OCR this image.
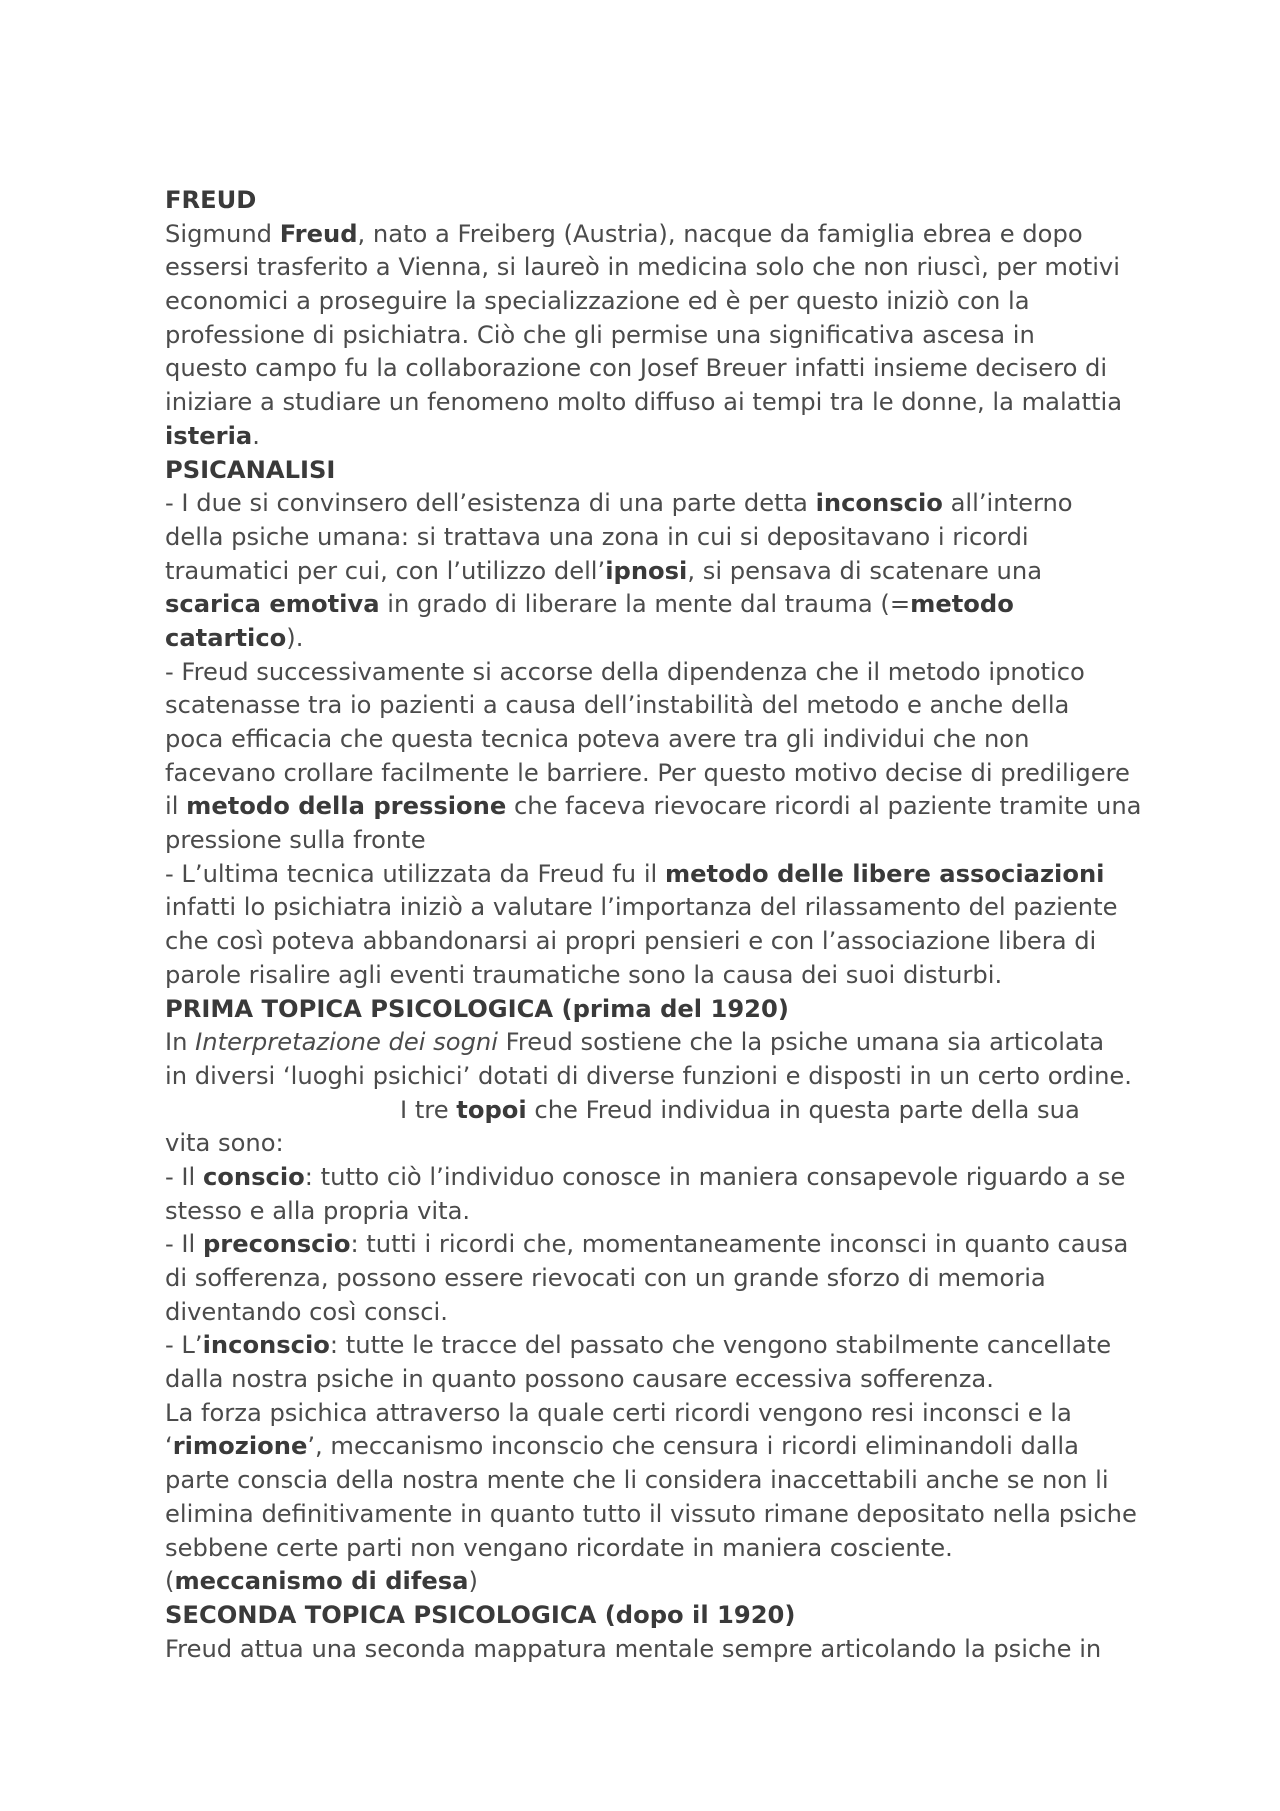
FREUD
Sigmund Freud, nato a Freiberg (Austria), nacque da famiglia ebrea e dopo
essersi trasferito a Vienna, si laureò in medicina solo che non riuscì, per motivi
economici a proseguire la specializzazione ed è per questo iniziò con la
professione di psichiatra. Ciò che gli permise una significativa ascesa in
questo campo fu la collaborazione con Josef Breuer infatti insieme decisero di
iniziare a studiare un fenomeno molto diffuso ai tempi tra le donne, la malattia
isteria.
PSICANALISI
- I due si convinsero dell’esistenza di una parte detta inconscio all’interno
della psiche umana: si trattava una zona in cui si depositavano i ricordi
traumatici per cui, con l’utilizzo dell’ipnosi, si pensava di scatenare una
scarica emotiva in grado di liberare la mente dal trauma (=metodo
catartico).
- Freud successivamente si accorse della dipendenza che il metodo ipnotico
scatenasse tra io pazienti a causa dell’instabilità del metodo e anche della
poca efficacia che questa tecnica poteva avere tra gli individui che non
facevano crollare facilmente le barriere. Per questo motivo decise di prediligere
il metodo della pressione che faceva rievocare ricordi al paziente tramite una
pressione sulla fronte
- L’ultima tecnica utilizzata da Freud fu il metodo delle libere associazioni
infatti lo psichiatra iniziò a valutare l’importanza del rilassamento del paziente
che così poteva abbandonarsi ai propri pensieri e con l’associazione libera di
parole risalire agli eventi traumatiche sono la causa dei suoi disturbi.
PRIMA TOPICA PSICOLOGICA (prima del 1920)
In Interpretazione dei sogni Freud sostiene che la psiche umana sia articolata
in diversi ‘luoghi psichici’ dotati di diverse funzioni e disposti in un certo ordine.
I tre topoi che Freud individua in questa parte della sua
vita sono:
- Il conscio: tutto ciò l’individuo conosce in maniera consapevole riguardo a se
stesso e alla propria vita.
- Il preconscio: tutti i ricordi che, momentaneamente inconsci in quanto causa
di sofferenza, possono essere rievocati con un grande sforzo di memoria
diventando così consci.
- L’inconscio: tutte le tracce del passato che vengono stabilmente cancellate
dalla nostra psiche in quanto possono causare eccessiva sofferenza.
La forza psichica attraverso la quale certi ricordi vengono resi inconsci e la
‘rimozione’, meccanismo inconscio che censura i ricordi eliminandoli dalla
parte conscia della nostra mente che li considera inaccettabili anche se non li
elimina definitivamente in quanto tutto il vissuto rimane depositato nella psiche
sebbene certe parti non vengano ricordate in maniera cosciente.
(meccanismo di difesa)
SECONDA TOPICA PSICOLOGICA (dopo il 1920)
Freud attua una seconda mappatura mentale sempre articolando la psiche in
